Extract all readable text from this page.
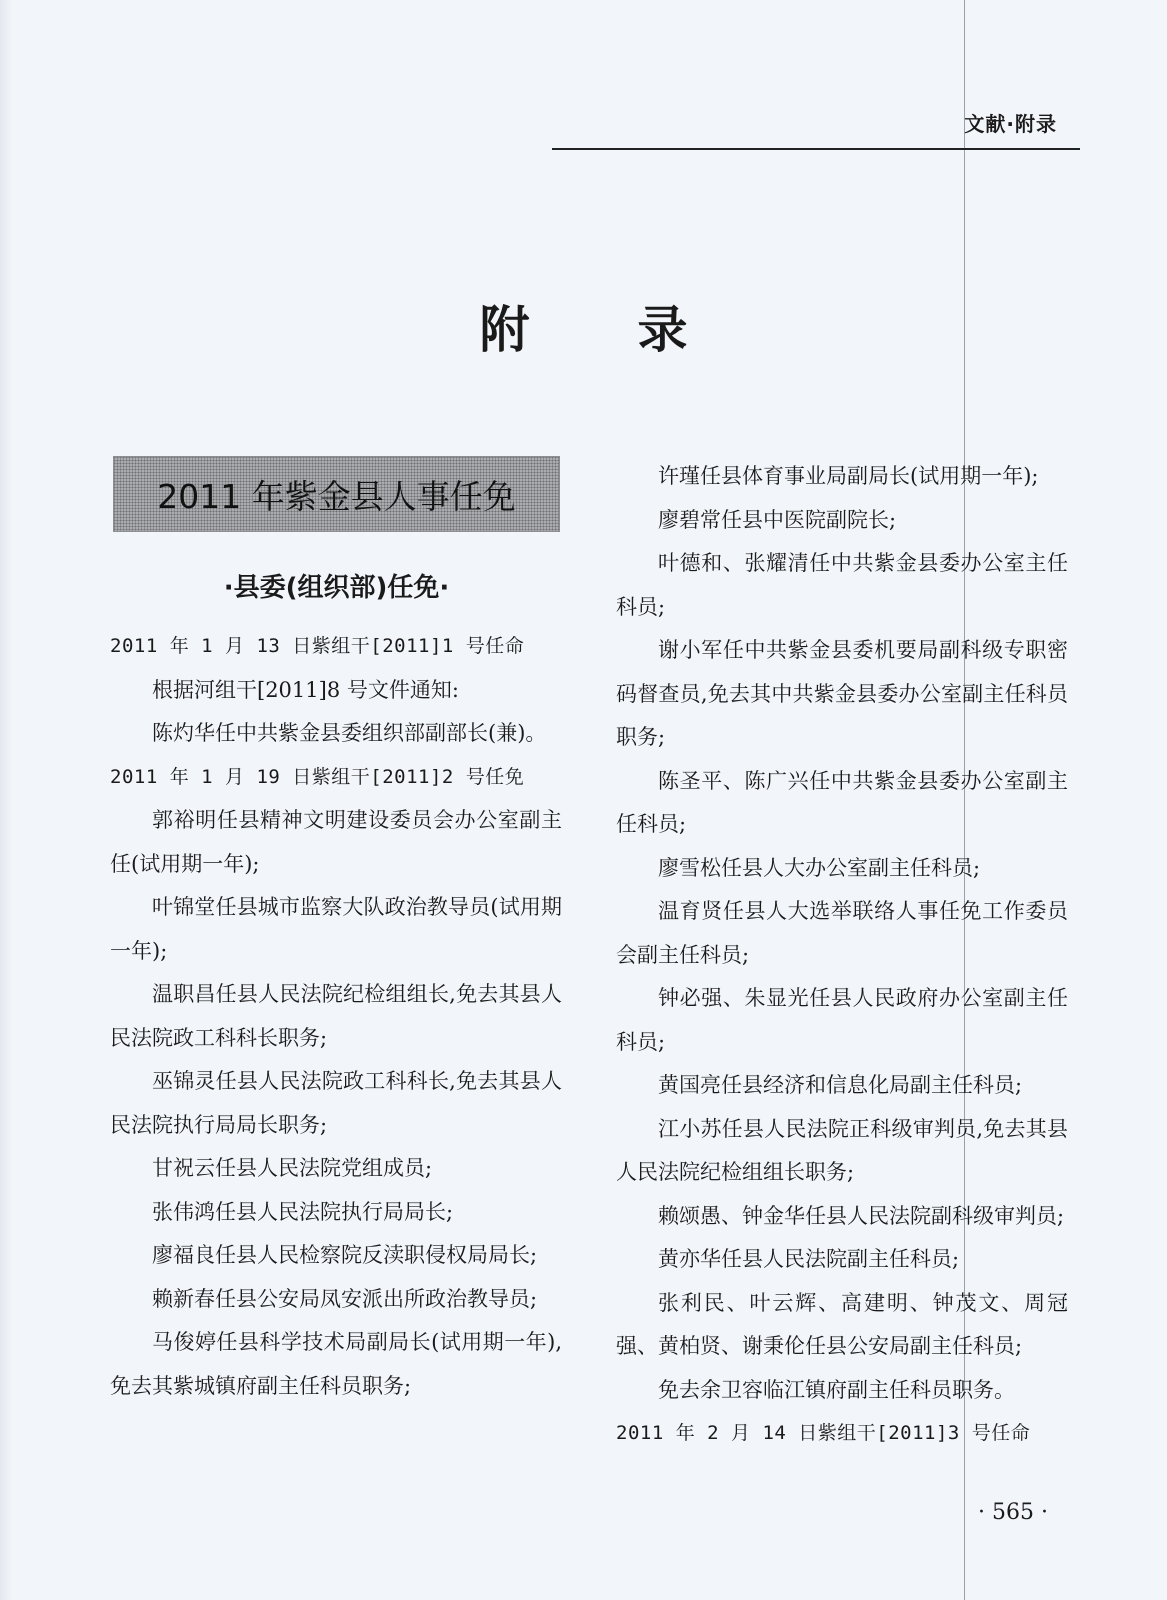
文献·附录
附 录
2011 年紫金县人事任免
·县委(组织部)任免·

2011 年 1 月 13 日紫组干[2011]1 号任命

根据河组干[2011]8 号文件通知:

陈灼华任中共紫金县委组织部副部长(兼)。

2011 年 1 月 19 日紫组干[2011]2 号任免

郭裕明任县精神文明建设委员会办公室副主任(试用期一年);

叶锦堂任县城市监察大队政治教导员(试用期一年);

温职昌任县人民法院纪检组组长,免去其县人民法院政工科科长职务;

巫锦灵任县人民法院政工科科长,免去其县人民法院执行局局长职务;

甘祝云任县人民法院党组成员;

张伟鸿任县人民法院执行局局长;

廖福良任县人民检察院反渎职侵权局局长;

赖新春任县公安局凤安派出所政治教导员;

马俊婷任县科学技术局副局长(试用期一年),免去其紫城镇府副主任科员职务;

许瑾任县体育事业局副局长(试用期一年);

廖碧常任县中医院副院长;

叶德和、张耀清任中共紫金县委办公室主任科员;

谢小军任中共紫金县委机要局副科级专职密码督查员,免去其中共紫金县委办公室副主任科员职务;

陈圣平、陈广兴任中共紫金县委办公室副主任科员;

廖雪松任县人大办公室副主任科员;

温育贤任县人大选举联络人事任免工作委员会副主任科员;

钟必强、朱显光任县人民政府办公室副主任科员;

黄国亮任县经济和信息化局副主任科员;

江小苏任县人民法院正科级审判员,免去其县人民法院纪检组组长职务;

赖颂愚、钟金华任县人民法院副科级审判员;

黄亦华任县人民法院副主任科员;

张利民、叶云辉、高建明、钟茂文、周冠强、黄柏贤、谢秉伦任县公安局副主任科员;

免去余卫容临江镇府副主任科员职务。

2011 年 2 月 14 日紫组干[2011]3 号任命

· 565 ·
